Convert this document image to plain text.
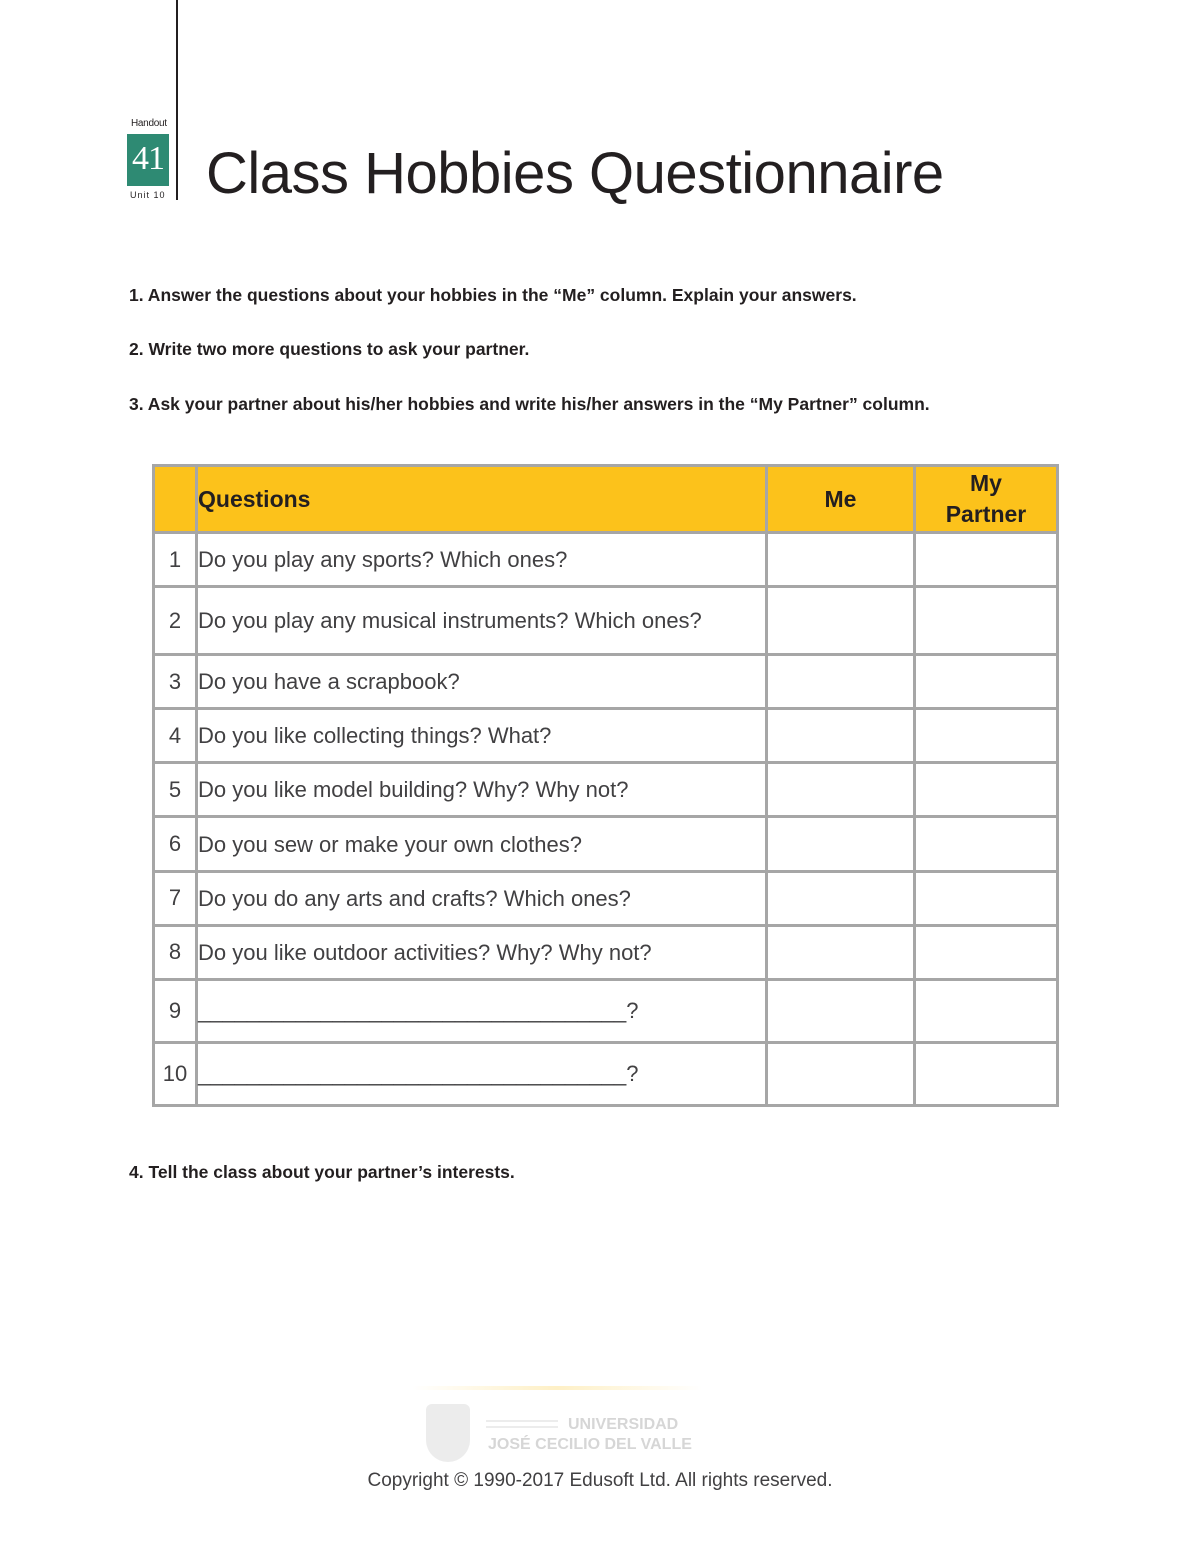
Handout
41
Unit 10 Class Hobbies Questionnaire

1. Answer the questions about your hobbies in the “Me” column. Explain your answers.

2. Write two more questions to ask your partner.

3. Ask your partner about his/her hobbies and write his/her answers in the “My Partner” column.

	Questions	Me	My
Partner
1	Do you play any sports? Which ones?		
2	Do you play any musical instruments? Which ones?		
3	Do you have a scrapbook?		
4	Do you like collecting things? What?		
5	Do you like model building? Why? Why not?		
6	Do you sew or make your own clothes?		
7	Do you do any arts and crafts? Which ones?		
8	Do you like outdoor activities? Why? Why not?		
9	___________________________________?		
10	___________________________________?		

4. Tell the class about your partner’s interests.

UNIVERSIDAD
JOSÉ CECILIO DEL VALLE
Copyright © 1990-2017 Edusoft Ltd. All rights reserved.
